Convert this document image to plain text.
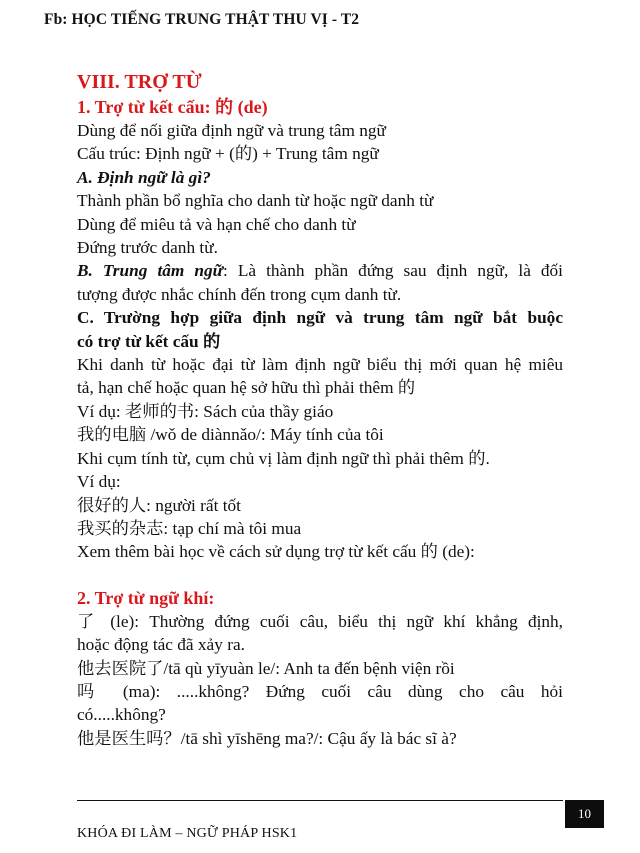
Fb: HỌC TIẾNG TRUNG THẬT THU VỊ - T2
VIII. TRỢ TỪ
1. Trợ từ kết cấu: 的 (de)
Dùng để nối giữa định ngữ và trung tâm ngữ
Cấu trúc: Định ngữ + (的) + Trung tâm ngữ
A. Định ngữ là gì?
Thành phần bổ nghĩa cho danh từ hoặc ngữ danh từ
Dùng để miêu tả và hạn chế cho danh từ
Đứng trước danh từ.
B. Trung tâm ngữ: Là thành phần đứng sau định ngữ, là đối
tượng được nhắc chính đến trong cụm danh từ.
C. Trường hợp giữa định ngữ và trung tâm ngữ bắt buộc
có trợ từ kết cấu 的
Khi danh từ hoặc đại từ làm định ngữ biểu thị mới quan hệ miêu
tả, hạn chế hoặc quan hệ sở hữu thì phải thêm 的
Ví dụ: 老师的书: Sách của thầy giáo
我的电脑 /wǒ de diànnǎo/: Máy tính của tôi
Khi cụm tính từ, cụm chủ vị làm định ngữ thì phải thêm 的.
Ví dụ:
很好的人: người rất tốt
我买的杂志: tạp chí mà tôi mua
Xem thêm bài học về cách sử dụng trợ từ kết cấu 的 (de):
2. Trợ từ ngữ khí:
了 (le): Thường đứng cuối câu, biểu thị ngữ khí khẳng định,
hoặc động tác đã xảy ra.
他去医院了/tā qù yīyuàn le/: Anh ta đến bệnh viện rồi
吗 (ma): .....không? Đứng cuối câu dùng cho câu hỏi
có.....không?
他是医生吗？/tā shì yīshēng ma?/: Cậu ấy là bác sĩ à?
10
KHÓA ĐI LÀM – NGỮ PHÁP HSK1
